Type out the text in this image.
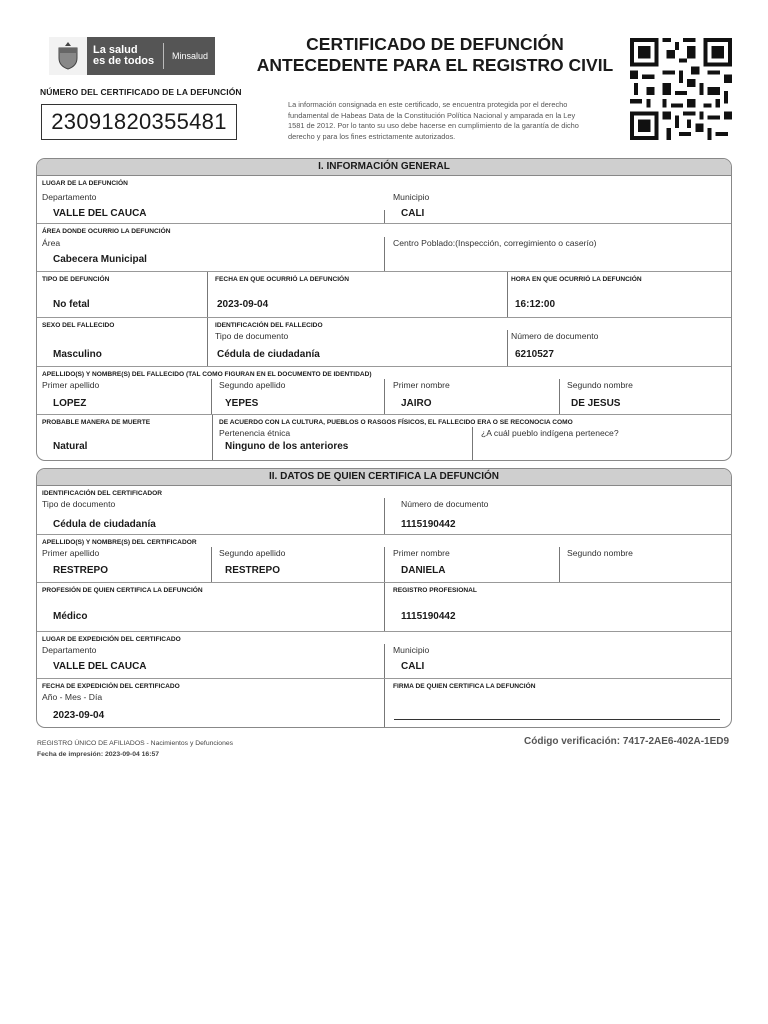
La salud
es de todos	Minsalud
NÚMERO DEL CERTIFICADO DE LA DEFUNCIÓN
23091820355481
CERTIFICADO DE DEFUNCIÓN
ANTECEDENTE PARA EL REGISTRO CIVIL
La información consignada en este certificado, se encuentra protegida por el derecho fundamental de Habeas Data de la Constitución Política Nacional y amparada en la Ley 1581 de 2012. Por lo tanto su uso debe hacerse en cumplimiento de la garantía de dicho derecho y para los fines estrictamente autorizados.
I. INFORMACIÓN GENERAL
LUGAR DE LA DEFUNCIÓN
Departamento
VALLE DEL CAUCA
Municipio
CALI
ÁREA DONDE OCURRIO LA DEFUNCIÓN
Área
Cabecera Municipal
Centro Poblado:(Inspección, corregimiento o caserío)
TIPO DE DEFUNCIÓN
No fetal
FECHA EN QUE OCURRIÓ LA DEFUNCIÓN
2023-09-04
HORA EN QUE OCURRIÓ LA DEFUNCIÓN
16:12:00
SEXO DEL FALLECIDO
Masculino
IDENTIFICACIÓN DEL FALLECIDO
Tipo de documento
Cédula de ciudadanía
Número de documento
6210527
APELLIDO(S) Y NOMBRE(S) DEL FALLECIDO (TAL COMO FIGURAN EN EL DOCUMENTO DE IDENTIDAD)
Primer apellido
LOPEZ
Segundo apellido
YEPES
Primer nombre
JAIRO
Segundo nombre
DE JESUS
PROBABLE MANERA DE MUERTE
Natural
DE ACUERDO CON LA CULTURA, PUEBLOS O RASGOS FÍSICOS, EL FALLECIDO ERA O SE RECONOCIA COMO
Pertenencia étnica
Ninguno de los anteriores
¿A cuál pueblo indígena pertenece?
II. DATOS DE QUIEN CERTIFICA LA DEFUNCIÓN
IDENTIFICACIÓN DEL CERTIFICADOR
Tipo de documento
Cédula de ciudadanía
Número de documento
1115190442
APELLIDO(S) Y NOMBRE(S) DEL CERTIFICADOR
Primer apellido
RESTREPO
Segundo apellido
RESTREPO
Primer nombre
DANIELA
Segundo nombre
PROFESIÓN DE QUIEN CERTIFICA LA DEFUNCIÓN
Médico
REGISTRO PROFESIONAL
1115190442
LUGAR DE EXPEDICIÓN DEL CERTIFICADO
Departamento
VALLE DEL CAUCA
Municipio
CALI
FECHA DE EXPEDICIÓN DEL CERTIFICADO
Año - Mes - Día
2023-09-04
FIRMA DE QUIEN CERTIFICA LA DEFUNCIÓN
REGISTRO ÚNICO DE AFILIADOS - Nacimientos y Defunciones
Fecha de impresión: 2023-09-04 16:57
Código verificación: 7417-2AE6-402A-1ED9
